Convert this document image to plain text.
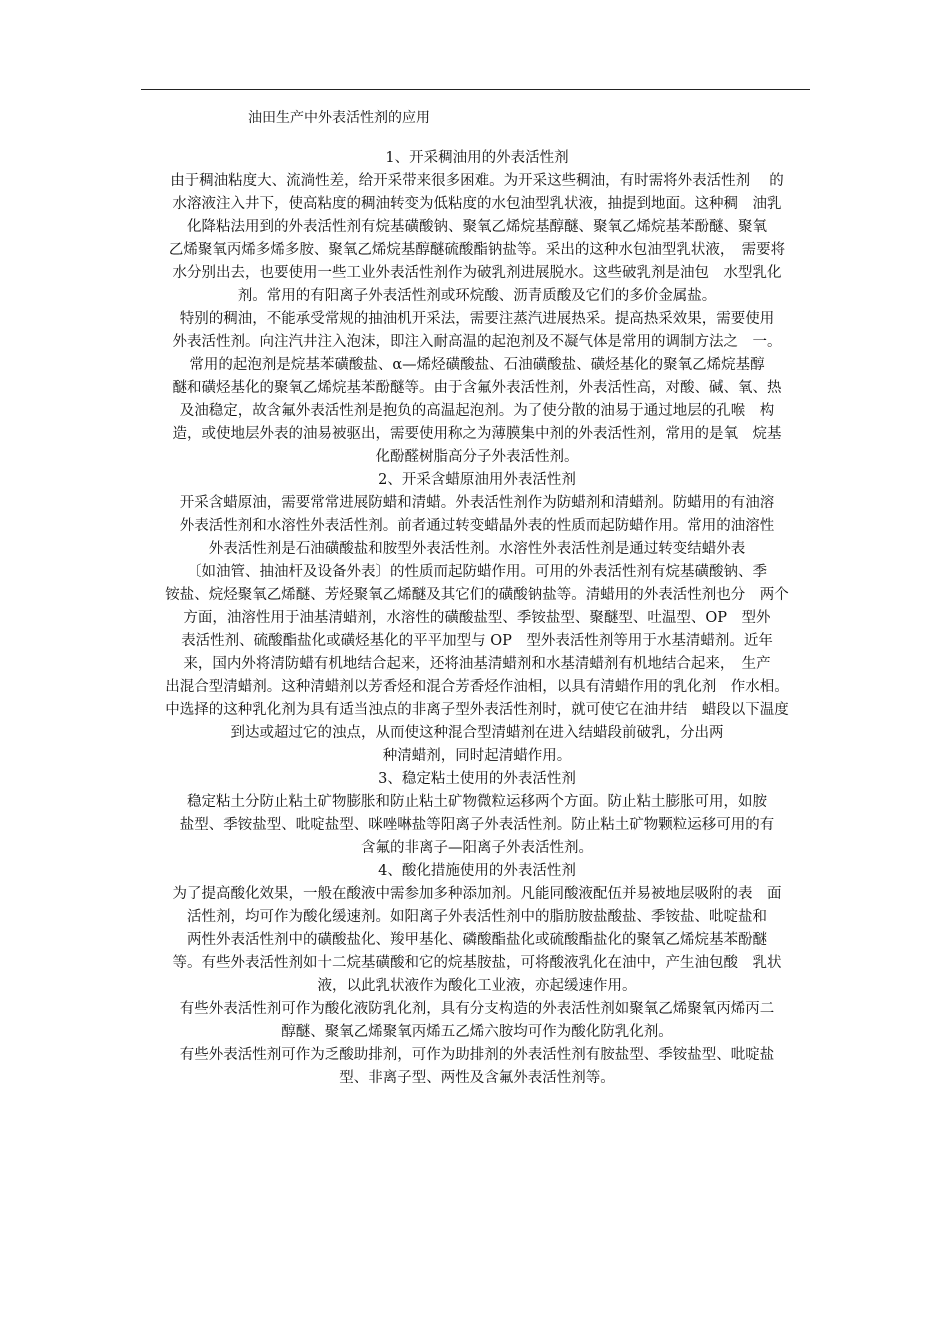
油田生产中外表活性剂的应用
1、开采稠油用的外表活性剂
由于稠油粘度大、流淌性差，给开采带来很多困难。为开采这些稠油，有时需将外表活性剂　 的
水溶液注入井下，使高粘度的稠油转变为低粘度的水包油型乳状液，抽提到地面。这种稠　油乳
化降粘法用到的外表活性剂有烷基磺酸钠、聚氧乙烯烷基醇醚、聚氧乙烯烷基苯酚醚、聚氧
乙烯聚氧丙烯多烯多胺、聚氧乙烯烷基醇醚硫酸酯钠盐等。采出的这种水包油型乳状液，　需要将
水分别出去，也要使用一些工业外表活性剂作为破乳剂进展脱水。这些破乳剂是油包　水型乳化
剂。常用的有阳离子外表活性剂或环烷酸、沥青质酸及它们的多价金属盐。
特别的稠油，不能承受常规的抽油机开采法，需要注蒸汽进展热采。提高热采效果，需要使用
外表活性剂。向注汽井注入泡沫，即注入耐高温的起泡剂及不凝气体是常用的调制方法之　一。
常用的起泡剂是烷基苯磺酸盐、α—烯烃磺酸盐、石油磺酸盐、磺烃基化的聚氧乙烯烷基醇
醚和磺烃基化的聚氧乙烯烷基苯酚醚等。由于含氟外表活性剂，外表活性高，对酸、碱、氧、热
及油稳定，故含氟外表活性剂是抱负的高温起泡剂。为了使分散的油易于通过地层的孔喉　构
造，或使地层外表的油易被驱出，需要使用称之为薄膜集中剂的外表活性剂，常用的是氧　烷基
化酚醛树脂高分子外表活性剂。
2、开采含蜡原油用外表活性剂
开采含蜡原油，需要常常进展防蜡和清蜡。外表活性剂作为防蜡剂和清蜡剂。防蜡用的有油溶
外表活性剂和水溶性外表活性剂。前者通过转变蜡晶外表的性质而起防蜡作用。常用的油溶性
外表活性剂是石油磺酸盐和胺型外表活性剂。水溶性外表活性剂是通过转变结蜡外表
〔如油管、抽油杆及设备外表〕的性质而起防蜡作用。可用的外表活性剂有烷基磺酸钠、季
铵盐、烷烃聚氧乙烯醚、芳烃聚氧乙烯醚及其它们的磺酸钠盐等。清蜡用的外表活性剂也分　两个
方面，油溶性用于油基清蜡剂，水溶性的磺酸盐型、季铵盐型、聚醚型、吐温型、OP　型外
表活性剂、硫酸酯盐化或磺烃基化的平平加型与 OP　型外表活性剂等用于水基清蜡剂。近年
来，国内外将清防蜡有机地结合起来，还将油基清蜡剂和水基清蜡剂有机地结合起来，　生产
出混合型清蜡剂。这种清蜡剂以芳香烃和混合芳香烃作油相，以具有清蜡作用的乳化剂　作水相。
中选择的这种乳化剂为具有适当浊点的非离子型外表活性剂时，就可使它在油井结　蜡段以下温度
到达或超过它的浊点，从而使这种混合型清蜡剂在进入结蜡段前破乳，分出两
种清蜡剂，同时起清蜡作用。
3、稳定粘土使用的外表活性剂
稳定粘土分防止粘土矿物膨胀和防止粘土矿物微粒运移两个方面。防止粘土膨胀可用，如胺
盐型、季铵盐型、吡啶盐型、咪唑啉盐等阳离子外表活性剂。防止粘土矿物颗粒运移可用的有
含氟的非离子—阳离子外表活性剂。
4、酸化措施使用的外表活性剂
为了提高酸化效果，一般在酸液中需参加多种添加剂。凡能同酸液配伍并易被地层吸附的表　面
活性剂，均可作为酸化缓速剂。如阳离子外表活性剂中的脂肪胺盐酸盐、季铵盐、吡啶盐和
两性外表活性剂中的磺酸盐化、羧甲基化、磷酸酯盐化或硫酸酯盐化的聚氧乙烯烷基苯酚醚
等。有些外表活性剂如十二烷基磺酸和它的烷基胺盐，可将酸液乳化在油中，产生油包酸　乳状
液，以此乳状液作为酸化工业液，亦起缓速作用。
有些外表活性剂可作为酸化液防乳化剂，具有分支构造的外表活性剂如聚氧乙烯聚氧丙烯丙二
醇醚、聚氧乙烯聚氧丙烯五乙烯六胺均可作为酸化防乳化剂。
有些外表活性剂可作为乏酸助排剂，可作为助排剂的外表活性剂有胺盐型、季铵盐型、吡啶盐
型、非离子型、两性及含氟外表活性剂等。
